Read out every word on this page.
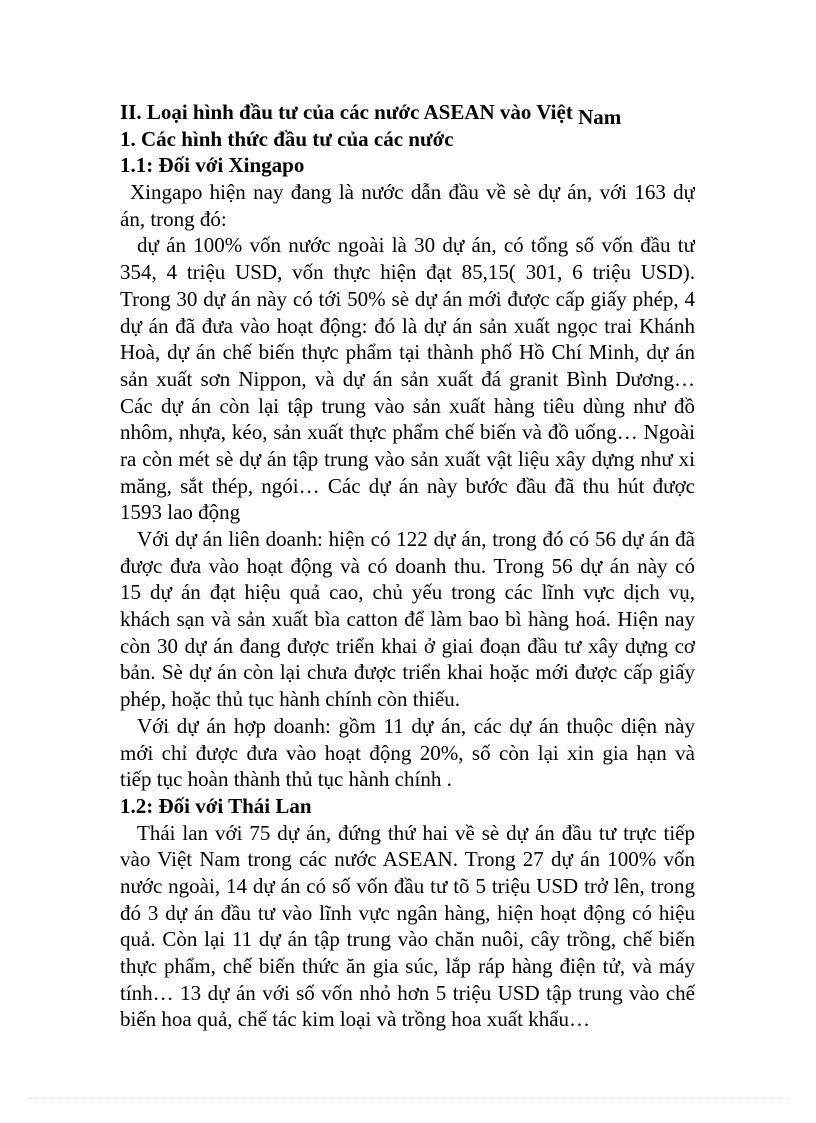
II. Loại hình đầu tư của các nước ASEAN vào Việt Nam
1. Các hình thức đầu tư của các nước
1.1: Đối với Xingapo
Xingapo hiện nay đang là nước dẫn đầu về sè dự án, với 163 dự
án, trong đó:
dự án 100% vốn nước ngoài là 30 dự án, có tổng số vốn đầu tư
354, 4 triệu USD, vốn thực hiện đạt 85,15( 301, 6 triệu USD).
Trong 30 dự án này có tới 50% sè dự án mới được cấp giấy phép, 4
dự án đã đưa vào hoạt động: đó là dự án sản xuất ngọc trai Khánh
Hoà, dự án chế biến thực phẩm tại thành phố Hồ Chí Minh, dự án
sản xuất sơn Nippon, và dự án sản xuất đá granit Bình Dương…
Các dự án còn lại tập trung vào sản xuất hàng tiêu dùng như đồ
nhôm, nhựa, kéo, sản xuất thực phẩm chế biến và đồ uống… Ngoài
ra còn mét sè dự án tập trung vào sản xuất vật liệu xây dựng như xi
măng, sắt thép, ngói… Các dự án này bước đầu đã thu hút được
1593 lao động
Với dự án liên doanh: hiện có 122 dự án, trong đó có 56 dự án đã
được đưa vào hoạt động và có doanh thu. Trong 56 dự án này có
15 dự án đạt hiệu quả cao, chủ yếu trong các lĩnh vực dịch vụ,
khách sạn và sản xuất bìa catton để làm bao bì hàng hoá. Hiện nay
còn 30 dự án đang được triển khai ở giai đoạn đầu tư xây dựng cơ
bản. Sè dự án còn lại chưa được triển khai hoặc mới được cấp giấy
phép, hoặc thủ tục hành chính còn thiếu.
Với dự án hợp doanh: gồm 11 dự án, các dự án thuộc diện này
mới chỉ được đưa vào hoạt động 20%, số còn lại xin gia hạn và
tiếp tục hoàn thành thủ tục hành chính .
1.2: Đối với Thái Lan
Thái lan với 75 dự án, đứng thứ hai về sè dự án đầu tư trực tiếp
vào Việt Nam trong các nước ASEAN. Trong 27 dự án 100% vốn
nước ngoài, 14 dự án có số vốn đầu tư tõ 5 triệu USD trở lên, trong
đó 3 dự án đầu tư vào lĩnh vực ngân hàng, hiện hoạt động có hiệu
quả. Còn lại 11 dự án tập trung vào chăn nuôi, cây trồng, chế biến
thực phẩm, chế biến thức ăn gia súc, lắp ráp hàng điện tử, và máy
tính… 13 dự án với số vốn nhỏ hơn 5 triệu USD tập trung vào chế
biến hoa quả, chế tác kim loại và trồng hoa xuất khẩu…
